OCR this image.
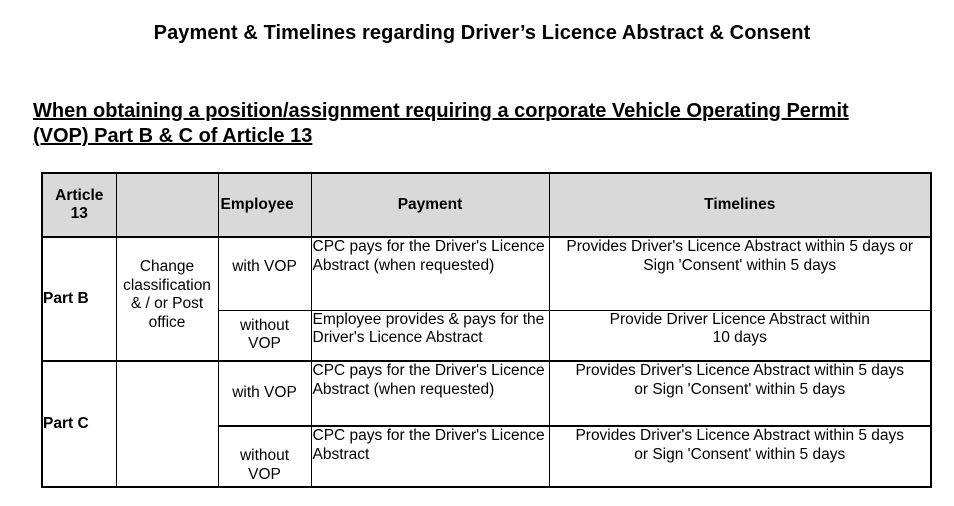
Payment & Timelines regarding Driver’s Licence Abstract & Consent
When obtaining a position/assignment requiring a corporate Vehicle Operating Permit
(VOP) Part B & C of Article 13
Article 13		Employee	Payment	Timelines
Part B	Change classification & / or Post office	with VOP	CPC pays for the Driver's Licence Abstract (when requested)	Provides Driver's Licence Abstract within 5 days or Sign 'Consent' within 5 days
		without VOP	Employee provides & pays for the Driver's Licence Abstract	Provide Driver Licence Abstract within 10 days
Part C		with VOP	CPC pays for the Driver's Licence Abstract (when requested)	Provides Driver's Licence Abstract within 5 days or Sign 'Consent' within 5 days
		without VOP	CPC pays for the Driver's Licence Abstract	Provides Driver's Licence Abstract within 5 days or Sign 'Consent' within 5 days
